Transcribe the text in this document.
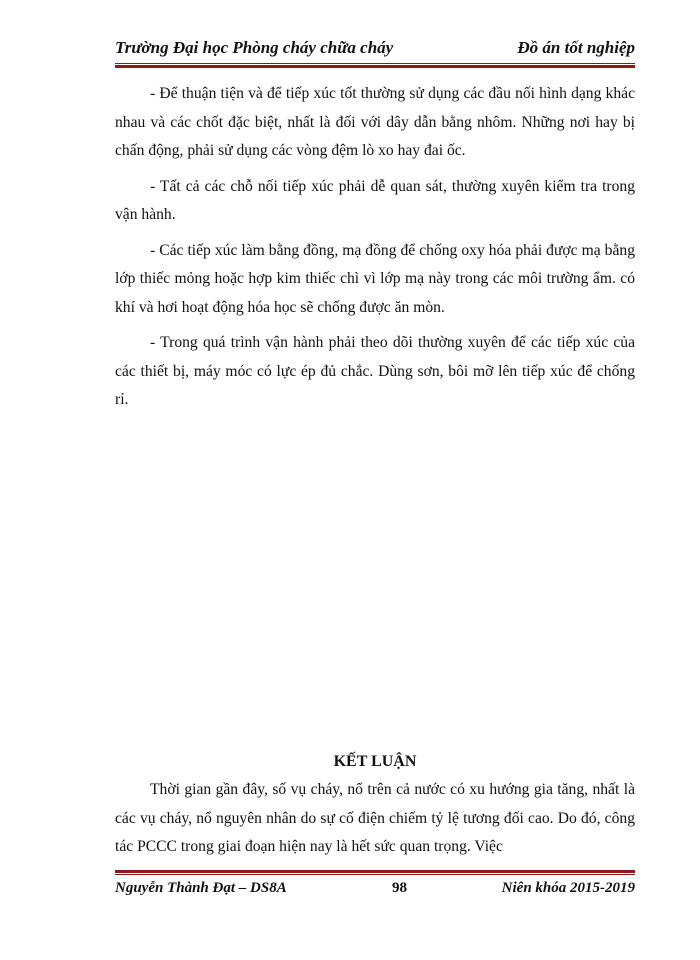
Trường Đại học Phòng cháy chữa cháy	Đồ án tốt nghiệp

- Để thuận tiện và để tiếp xúc tốt thường sử dụng các đầu nối hình dạng khác nhau và các chốt đặc biệt, nhất là đối với dây dẫn bằng nhôm. Những nơi hay bị chấn động, phải sử dụng các vòng đệm lò xo hay đai ốc.

- Tất cả các chỗ nối tiếp xúc phải dễ quan sát, thường xuyên kiểm tra trong vận hành.

- Các tiếp xúc làm bằng đồng, mạ đồng để chống oxy hóa phải được mạ bằng lớp thiếc mỏng hoặc hợp kim thiếc chì vì lớp mạ này trong các môi trường ẩm. có khí và hơi hoạt động hóa học sẽ chống được ăn mòn.

- Trong quá trình vận hành phải theo dõi thường xuyên để các tiếp xúc của các thiết bị, máy móc có lực ép đủ chắc. Dùng sơn, bôi mỡ lên tiếp xúc để chống rỉ.

KẾT LUẬN

Thời gian gần đây, số vụ cháy, nổ trên cả nước có xu hướng gia tăng, nhất là các vụ cháy, nổ nguyên nhân do sự cố điện chiếm tỷ lệ tương đối cao. Do đó, công tác PCCC trong giai đoạn hiện nay là hết sức quan trọng. Việc

Nguyễn Thành Đạt – DS8A	98	Niên khóa 2015-2019
